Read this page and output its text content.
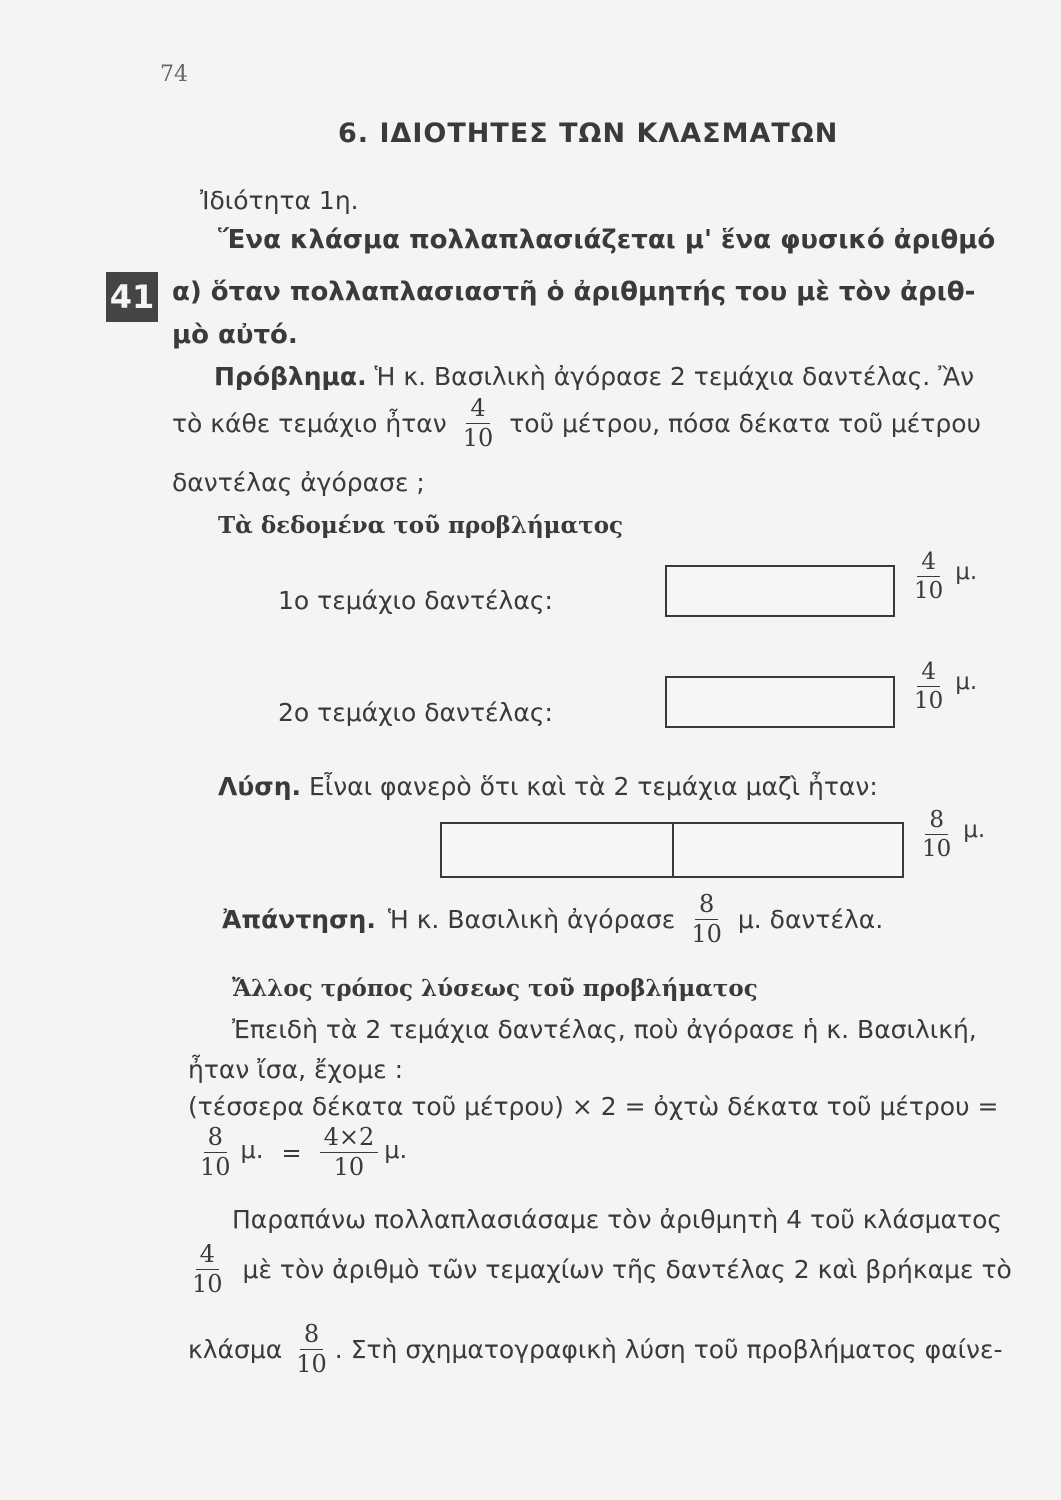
74
6. ΙΔΙΟΤΗΤΕΣ ΤΩΝ ΚΛΑΣΜΑΤΩΝ
Ἰδιότητα 1η.
Ἕνα κλάσμα πολλαπλασιάζεται μ' ἕνα φυσικό ἀριθμό
41 α) ὅταν πολλαπλασιαστῆ ὁ ἀριθμητής του μὲ τὸν ἀριθ-
μὸ αὐτό.
Πρόβλημα. Ἡ κ. Βασιλικὴ ἀγόρασε 2 τεμάχια δαντέλας. Ἂν
τὸ κάθε τεμάχιο ἦταν $\frac{4}{10}$ τοῦ μέτρου, πόσα δέκατα τοῦ μέτρου
δαντέλας ἀγόρασε ;
Τὰ δεδομένα τοῦ προβλήματος
1ο τεμάχιο δαντέλας:	$\frac{4}{10} \mu$.
2ο τεμάχιο δαντέλας:	$\frac{4}{10} \mu$.
Λύση. Εἶναι φανερὸ ὅτι καὶ τὰ 2 τεμάχια μαζὶ ἦταν:
$\frac{8}{10} \mu$.
Ἀπάντηση. Ἡ κ. Βασιλικὴ ἀγόρασε $\frac{8}{10} \mu$. δαντέλα.
Ἄλλος τρόπος λύσεως τοῦ προβλήματος
Ἐπειδὴ τὰ 2 τεμάχια δαντέλας, ποὺ ἀγόρασε ἡ κ. Βασιλική,
ἦταν ἴσα, ἔχομε :
(τέσσερα δέκατα τοῦ μέτρου) × 2 = ὀχτὼ δέκατα τοῦ μέτρου =
$\frac{8}{10} \mu$. = $\frac{4\times 2}{10} \mu$.
Παραπάνω πολλαπλασιάσαμε τὸν ἀριθμητὴ 4 τοῦ κλάσματος
$\frac{4}{10}$ μὲ τὸν ἀριθμὸ τῶν τεμαχίων τῆς δαντέλας 2 καὶ βρήκαμε τὸ
κλάσμα $\frac{8}{10}$ . Στὴ σχηματογραφικὴ λύση τοῦ προβλήματος φαίνε-
